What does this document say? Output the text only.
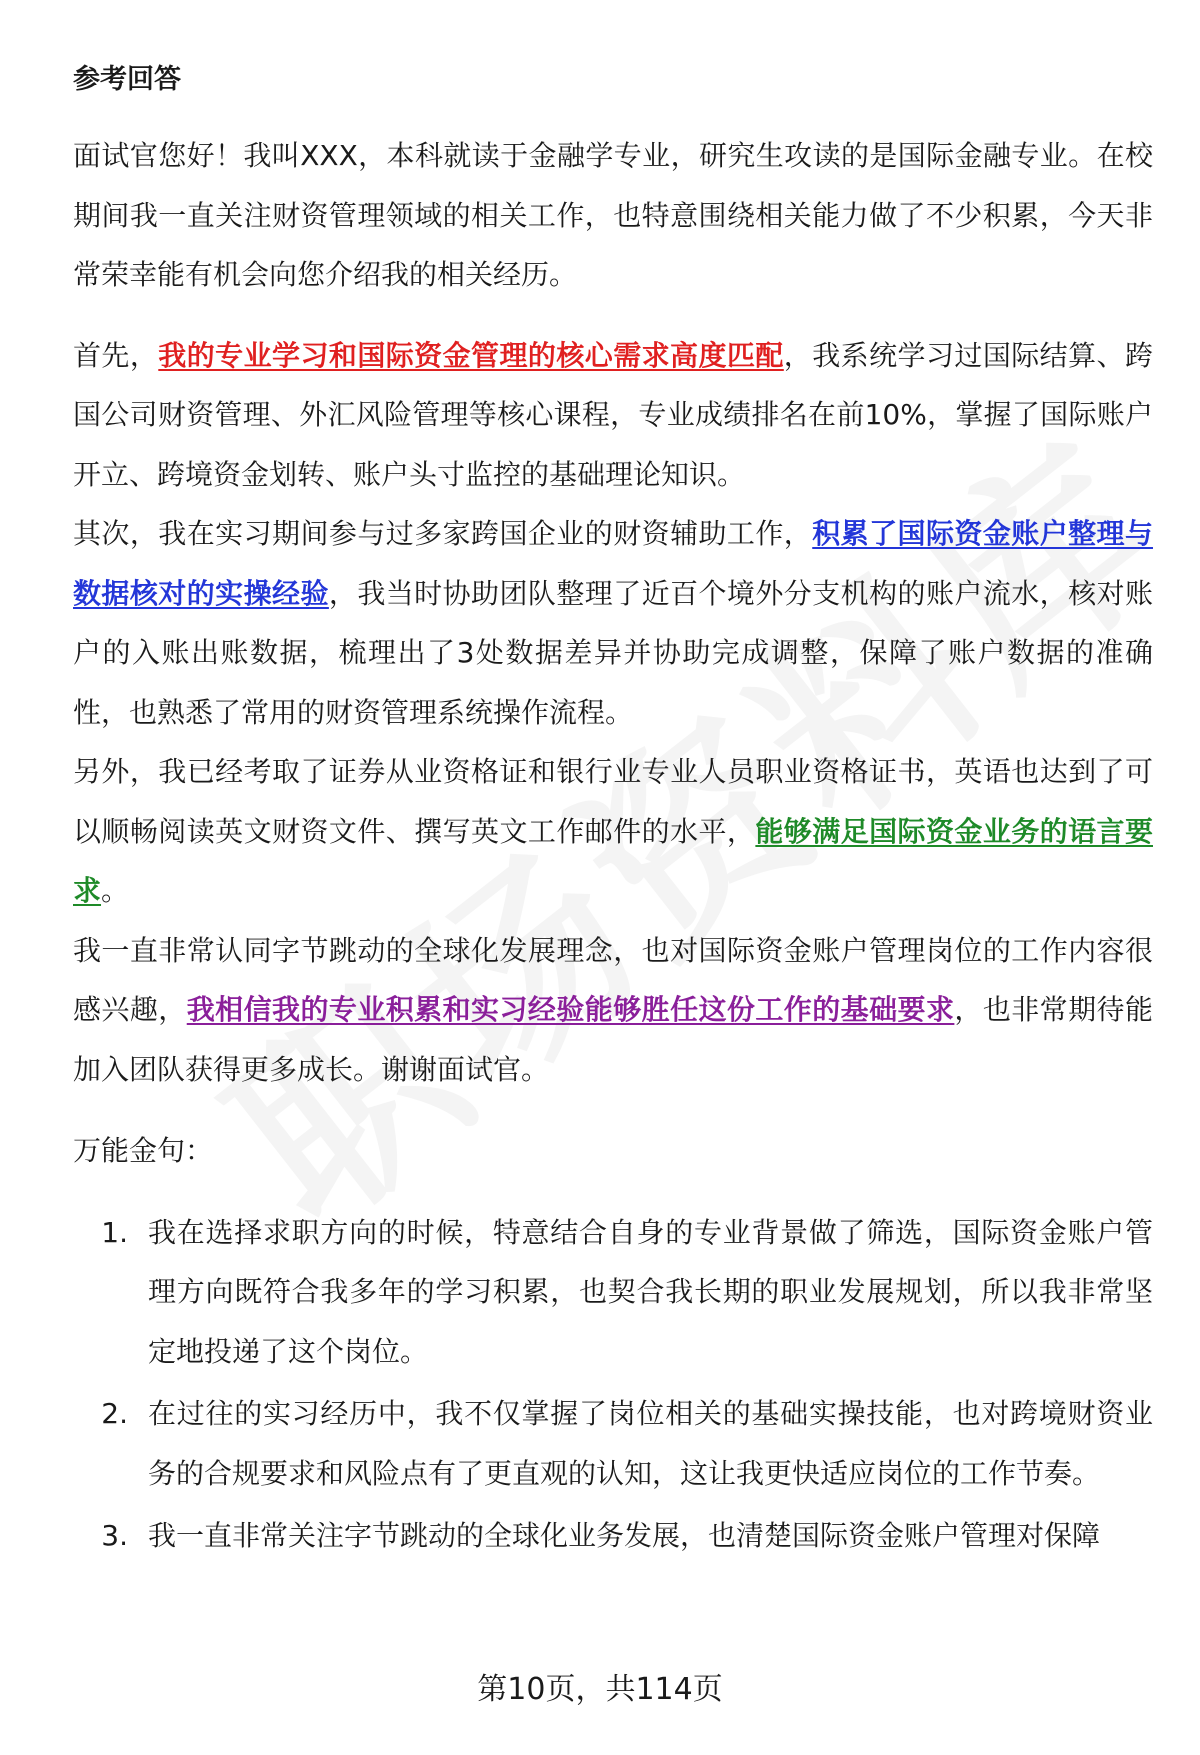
参考回答

面试官您好！我叫XXX，本科就读于金融学专业，研究生攻读的是国际金融专业。在校期间我一直关注财资管理领域的相关工作，也特意围绕相关能力做了不少积累，今天非常荣幸能有机会向您介绍我的相关经历。

首先，我的专业学习和国际资金管理的核心需求高度匹配，我系统学习过国际结算、跨国公司财资管理、外汇风险管理等核心课程，专业成绩排名在前10%，掌握了国际账户开立、跨境资金划转、账户头寸监控的基础理论知识。

其次，我在实习期间参与过多家跨国企业的财资辅助工作，积累了国际资金账户整理与数据核对的实操经验，我当时协助团队整理了近百个境外分支机构的账户流水，核对账户的入账出账数据，梳理出了3处数据差异并协助完成调整，保障了账户数据的准确性，也熟悉了常用的财资管理系统操作流程。

另外，我已经考取了证券从业资格证和银行业专业人员职业资格证书，英语也达到了可以顺畅阅读英文财资文件、撰写英文工作邮件的水平，能够满足国际资金业务的语言要求。

我一直非常认同字节跳动的全球化发展理念，也对国际资金账户管理岗位的工作内容很感兴趣，我相信我的专业积累和实习经验能够胜任这份工作的基础要求，也非常期待能加入团队获得更多成长。谢谢面试官。

万能金句：

1. 我在选择求职方向的时候，特意结合自身的专业背景做了筛选，国际资金账户管理方向既符合我多年的学习积累，也契合我长期的职业发展规划，所以我非常坚定地投递了这个岗位。
2. 在过往的实习经历中，我不仅掌握了岗位相关的基础实操技能，也对跨境财资业务的合规要求和风险点有了更直观的认知，这让我更快适应岗位的工作节奏。
3. 我一直非常关注字节跳动的全球化业务发展，也清楚国际资金账户管理对保障
第10页，共114页
